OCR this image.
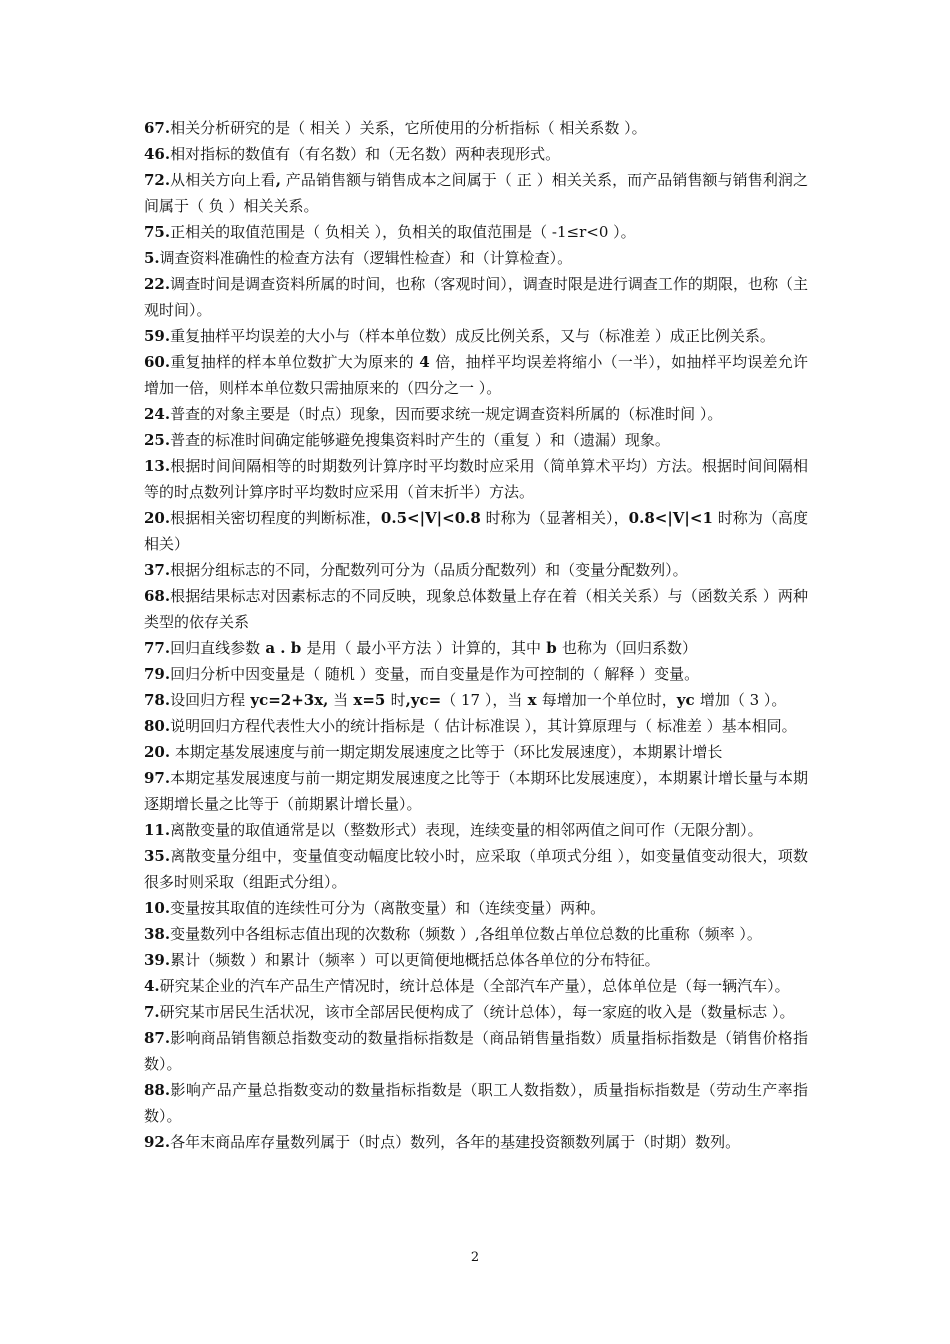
67.相关分析研究的是（ 相关 ）关系，它所使用的分析指标（ 相关系数 ）。

46.相对指标的数值有（有名数）和（无名数）两种表现形式。

72.从相关方向上看, 产品销售额与销售成本之间属于（ 正 ）相关关系，而产品销售额与销售利润之间属于（ 负 ）相关关系。

75.正相关的取值范围是（ 负相关 ），负相关的取值范围是（ -1≤r<0 ）。

5.调查资料准确性的检查方法有（逻辑性检查）和（计算检查）。

22.调查时间是调查资料所属的时间，也称（客观时间），调查时限是进行调查工作的期限，也称（主观时间）。

59.重复抽样平均误差的大小与（样本单位数）成反比例关系，又与（标准差 ）成正比例关系。

60.重复抽样的样本单位数扩大为原来的 4 倍，抽样平均误差将缩小（一半），如抽样平均误差允许增加一倍，则样本单位数只需抽原来的（四分之一 ）。

24.普查的对象主要是（时点）现象，因而要求统一规定调查资料所属的（标准时间 ）。

25.普查的标准时间确定能够避免搜集资料时产生的（重复 ）和（遗漏）现象。

13.根据时间间隔相等的时期数列计算序时平均数时应采用（简单算术平均）方法。根据时间间隔相等的时点数列计算序时平均数时应采用（首末折半）方法。

20.根据相关密切程度的判断标准，0.5<|V|<0.8 时称为（显著相关），0.8<|V|<1 时称为（高度相关）

37.根据分组标志的不同，分配数列可分为（品质分配数列）和（变量分配数列）。

68.根据结果标志对因素标志的不同反映，现象总体数量上存在着（相关关系）与（函数关系 ）两种类型的依存关系

77.回归直线参数 a . b 是用（ 最小平方法 ）计算的，其中 b 也称为（回归系数）

79.回归分析中因变量是（ 随机 ）变量，而自变量是作为可控制的（ 解释 ）变量。

78.设回归方程 yc=2+3x, 当 x=5 时,yc=（ 17 ），当 x 每增加一个单位时，yc 增加（ 3 ）。

80.说明回归方程代表性大小的统计指标是（ 估计标准误 ），其计算原理与（ 标准差 ）基本相同。

20. 本期定基发展速度与前一期定期发展速度之比等于（环比发展速度），本期累计增长

97.本期定基发展速度与前一期定期发展速度之比等于（本期环比发展速度），本期累计增长量与本期逐期增长量之比等于（前期累计增长量）。

11.离散变量的取值通常是以（整数形式）表现，连续变量的相邻两值之间可作（无限分割）。

35.离散变量分组中，变量值变动幅度比较小时，应采取（单项式分组 ），如变量值变动很大，项数很多时则采取（组距式分组）。

10.变量按其取值的连续性可分为（离散变量）和（连续变量）两种。

38.变量数列中各组标志值出现的次数称（频数 ）,各组单位数占单位总数的比重称（频率 ）。

39.累计（频数 ）和累计（频率 ）可以更简便地概括总体各单位的分布特征。

4.研究某企业的汽车产品生产情况时，统计总体是（全部汽车产量），总体单位是（每一辆汽车）。

7.研究某市居民生活状况，该市全部居民便构成了（统计总体），每一家庭的收入是（数量标志 ）。

87.影响商品销售额总指数变动的数量指标指数是（商品销售量指数）质量指标指数是（销售价格指数）。

88.影响产品产量总指数变动的数量指标指数是（职工人数指数），质量指标指数是（劳动生产率指数）。

92.各年末商品库存量数列属于（时点）数列，各年的基建投资额数列属于（时期）数列。

2
